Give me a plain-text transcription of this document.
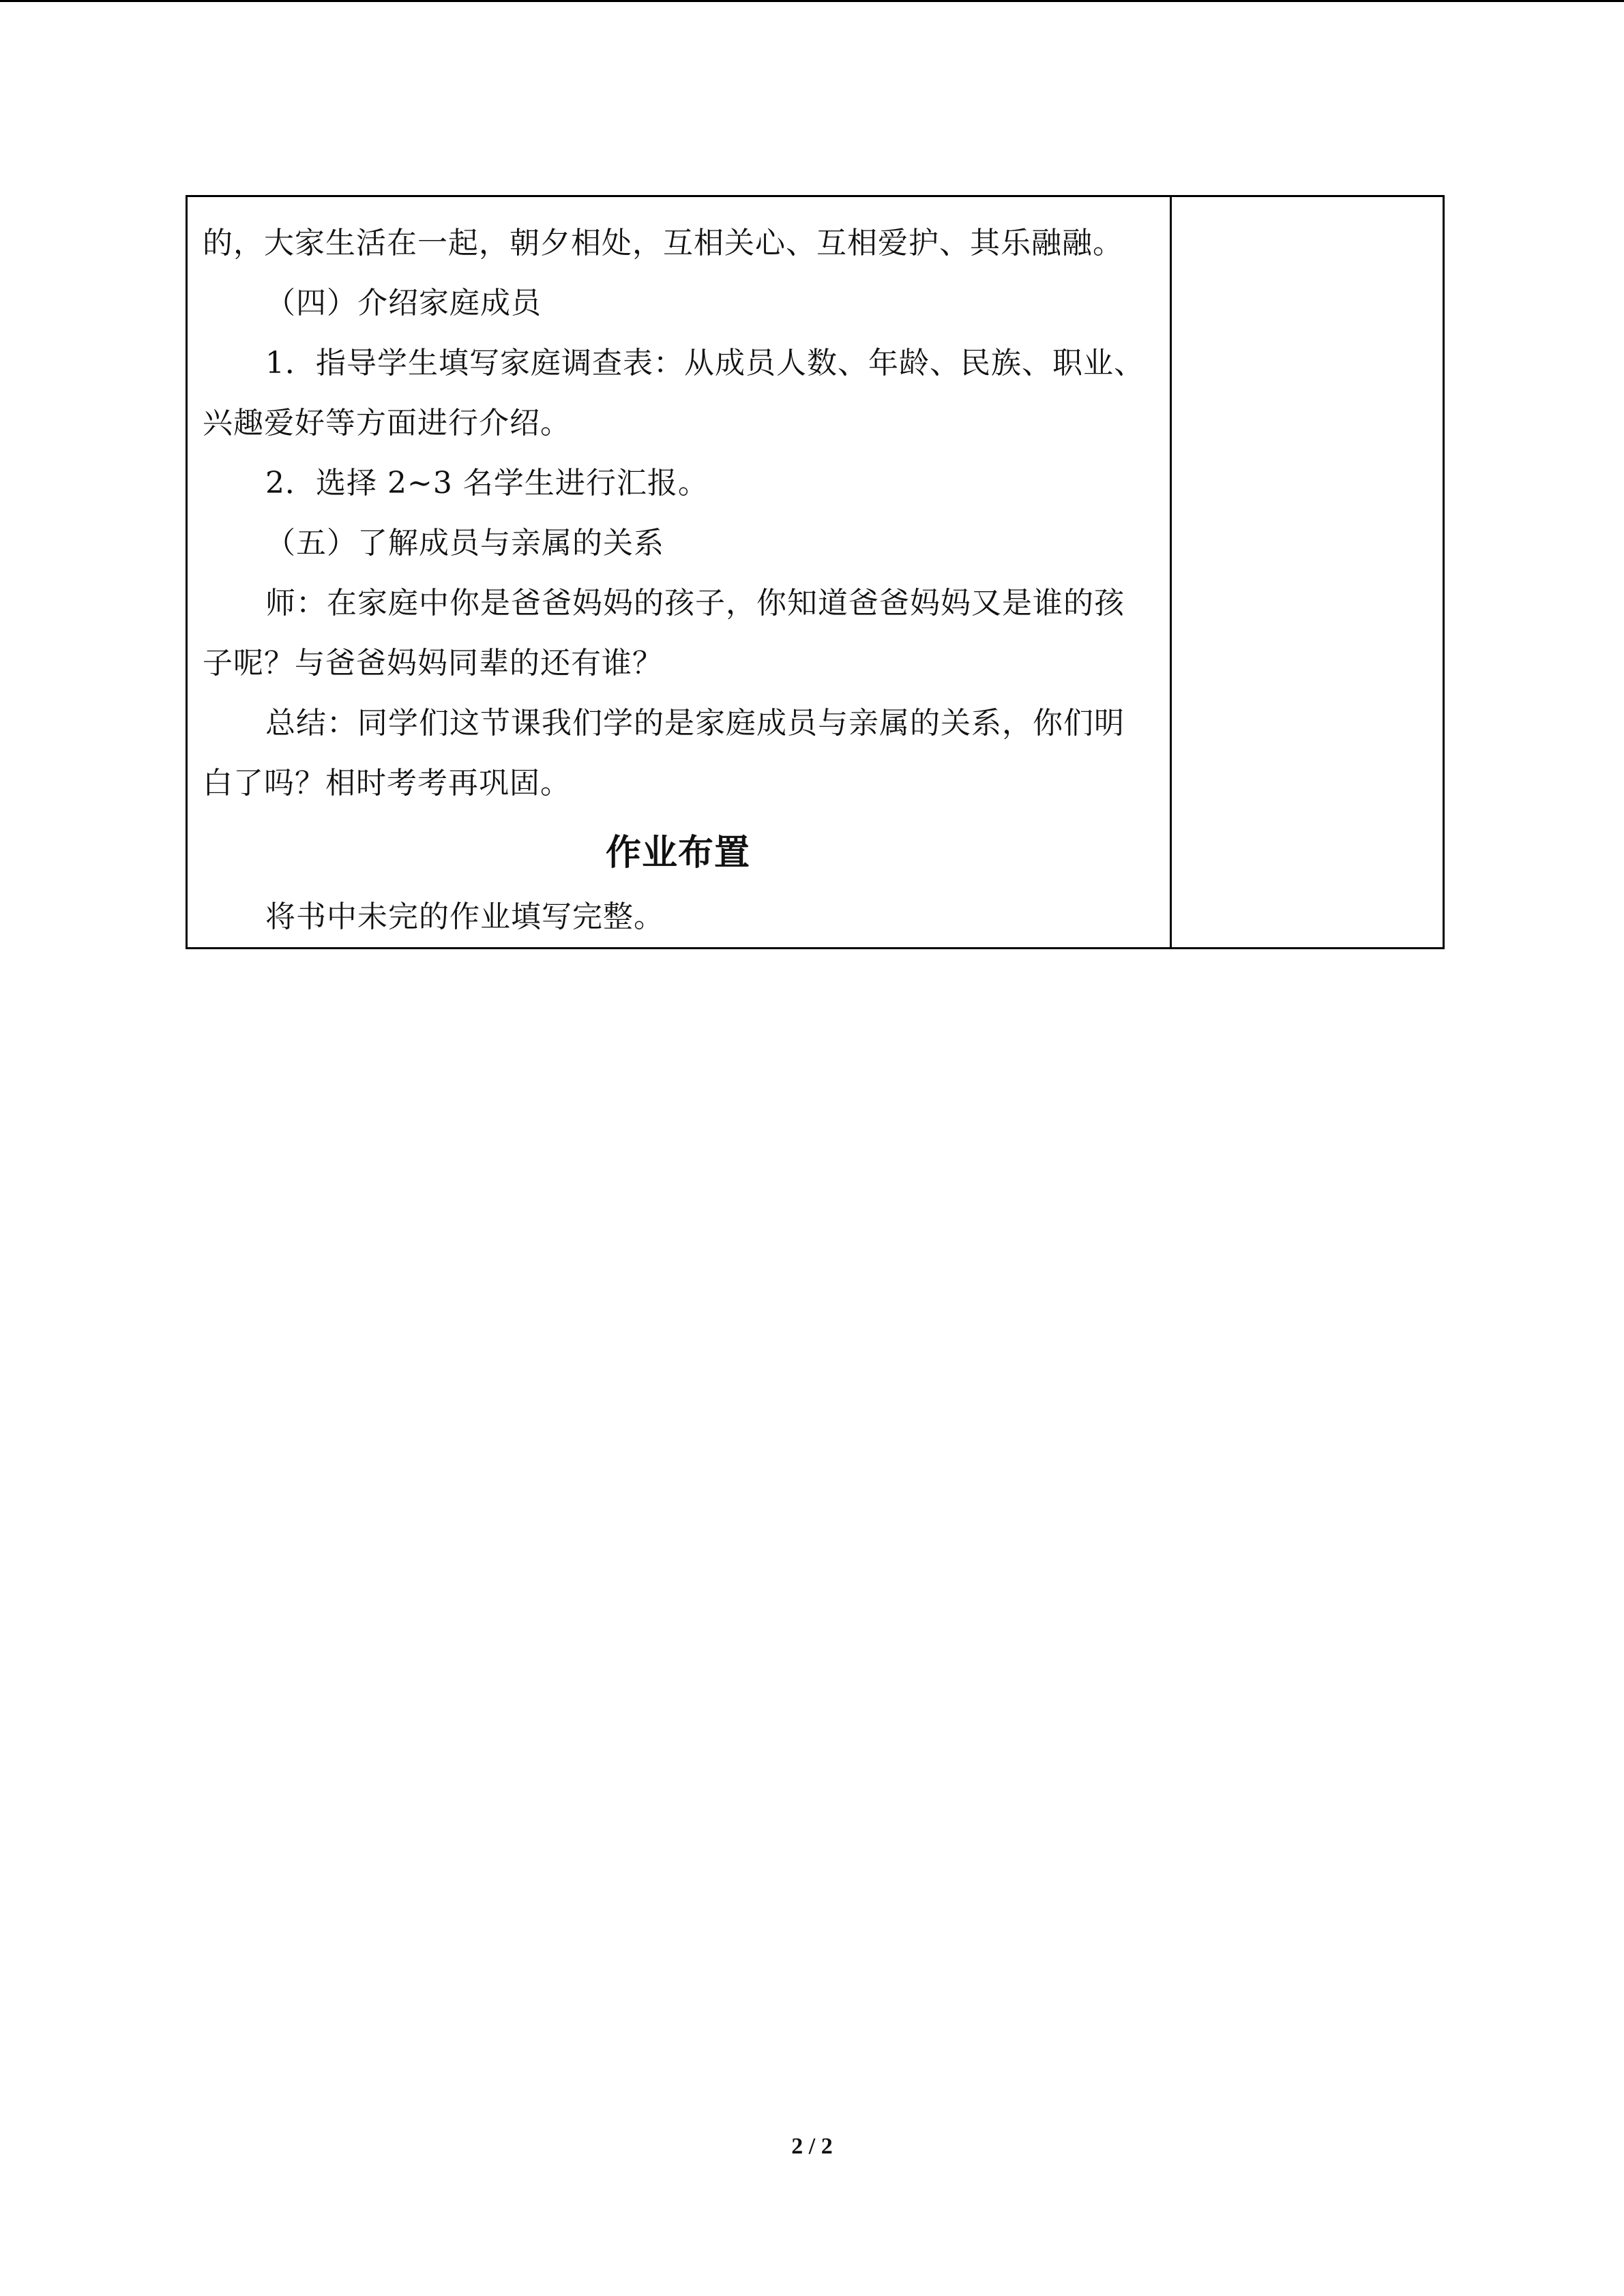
的，大家生活在一起，朝夕相处，互相关心、互相爱护、其乐融融。

（四）介绍家庭成员

1．指导学生填写家庭调查表：从成员人数、年龄、民族、职业、兴趣爱好等方面进行介绍。

2．选择 2~3 名学生进行汇报。

（五）了解成员与亲属的关系

师：在家庭中你是爸爸妈妈的孩子，你知道爸爸妈妈又是谁的孩子呢？与爸爸妈妈同辈的还有谁？

总结：同学们这节课我们学的是家庭成员与亲属的关系，你们明白了吗？相时考考再巩固。

作业布置

将书中未完的作业填写完整。

2 / 2
